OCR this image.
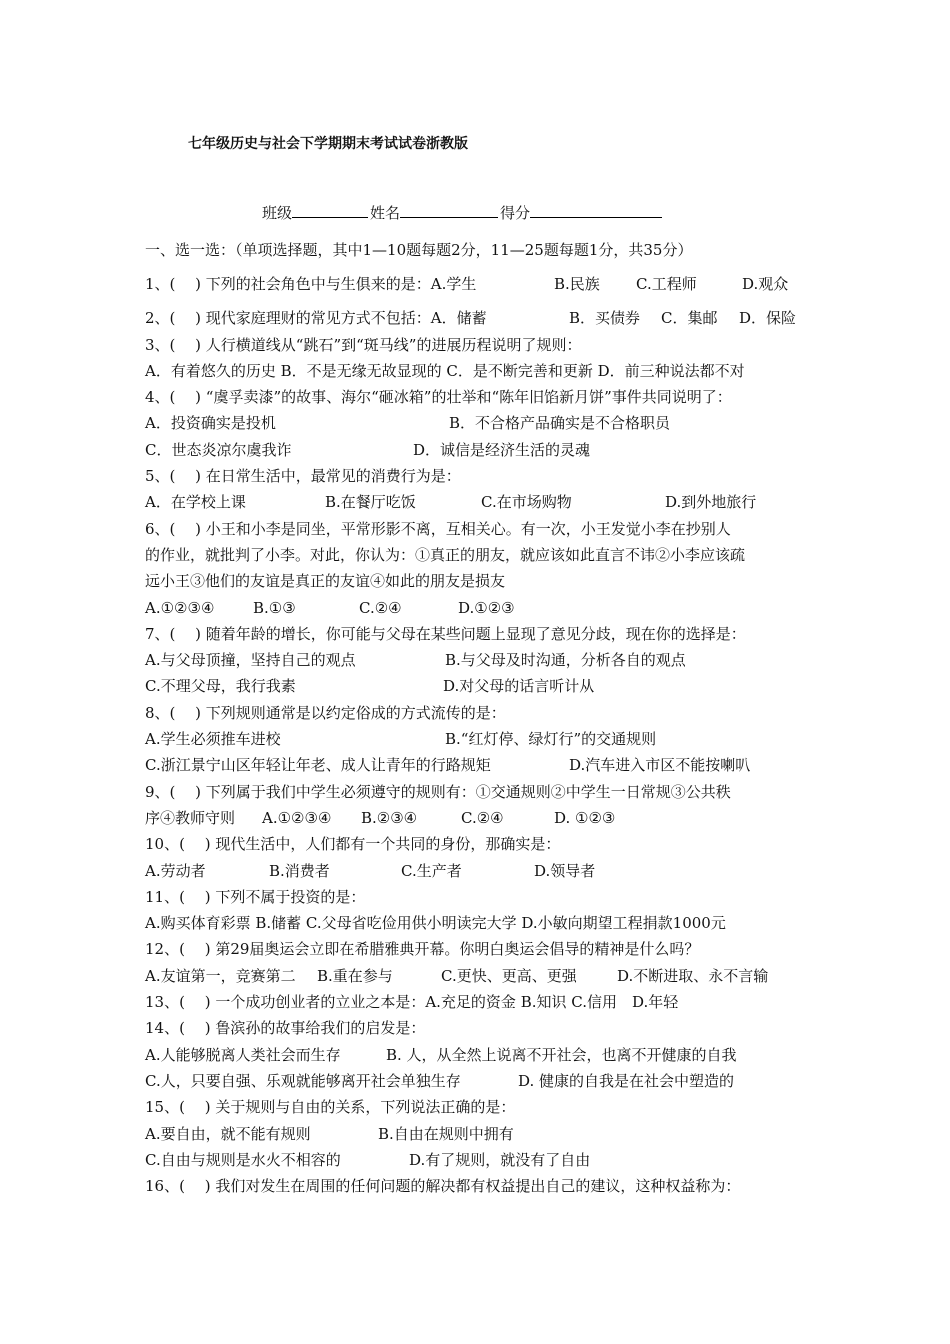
七年级历史与社会下学期期末考试试卷浙教版
班级	姓名	得分
一、选一选：（单项选择题，其中1—10题每题2分，11—25题每题1分，共35分）
1、(　 ) 下列的社会角色中与生俱来的是：A.学生	B.民族 C.工程师	D.观众
2、(　 ) 现代家庭理财的常见方式不包括：A．储蓄	B．买债券 C．集邮 D．保险
3、(　 ) 人行横道线从“跳石”到“斑马线”的进展历程说明了规则：
A．有着悠久的历史 B．不是无缘无故显现的 C．是不断完善和更新 D．前三种说法都不对
4、(　 ) “虞孚卖漆”的故事、海尔“砸冰箱”的壮举和“陈年旧馅新月饼”事件共同说明了：
A．投资确实是投机	B．不合格产品确实是不合格职员
C．世态炎凉尔虞我诈	D．诚信是经济生活的灵魂
5、(　 ) 在日常生活中，最常见的消费行为是：
A．在学校上课	B.在餐厅吃饭	C.在市场购物	D.到外地旅行
6、(　 ) 小王和小李是同坐，平常形影不离，互相关心。有一次，小王发觉小李在抄别人
的作业，就批判了小李。对此，你认为：①真正的朋友，就应该如此直言不讳②小李应该疏
远小王③他们的友谊是真正的友谊④如此的朋友是损友
A.①②③④	B.①③	C.②④	D.①②③
7、(　 ) 随着年龄的增长，你可能与父母在某些问题上显现了意见分歧，现在你的选择是：
A.与父母顶撞，坚持自己的观点	B.与父母及时沟通，分析各自的观点
C.不理父母，我行我素	D.对父母的话言听计从
8、(　 ) 下列规则通常是以约定俗成的方式流传的是：
A.学生必须推车进校	B.“红灯停、绿灯行”的交通规则
C.浙江景宁山区年轻让年老、成人让青年的行路规矩	D.汽车进入市区不能按喇叭
9、(　 ) 下列属于我们中学生必须遵守的规则有：①交通规则②中学生一日常规③公共秩
序④教师守则 A.①②③④ B.②③④	C.②④	D. ①②③
10、(　 ) 现代生活中，人们都有一个共同的身份，那确实是：
A.劳动者	B.消费者	C.生产者	D.领导者
11、(　 ) 下列不属于投资的是：
A.购买体育彩票 B.储蓄 C.父母省吃俭用供小明读完大学 D.小敏向期望工程捐款1000元
12、(　 ) 第29届奥运会立即在希腊雅典开幕。你明白奥运会倡导的精神是什么吗？
A.友谊第一，竞赛第二 B.重在参与	C.更快、更高、更强	D.不断进取、永不言输
13、(　 ) 一个成功创业者的立业之本是：A.充足的资金 B.知识 C.信用　D.年轻
14、(　 ) 鲁滨孙的故事给我们的启发是：
A.人能够脱离人类社会而生存	B. 人，从全然上说离不开社会，也离不开健康的自我
C.人，只要自强、乐观就能够离开社会单独生存	D. 健康的自我是在社会中塑造的
15、(　 ) 关于规则与自由的关系，下列说法正确的是：
A.要自由，就不能有规则	B.自由在规则中拥有
C.自由与规则是水火不相容的	D.有了规则，就没有了自由
16、(　 ) 我们对发生在周围的任何问题的解决都有权益提出自己的建议，这种权益称为：
